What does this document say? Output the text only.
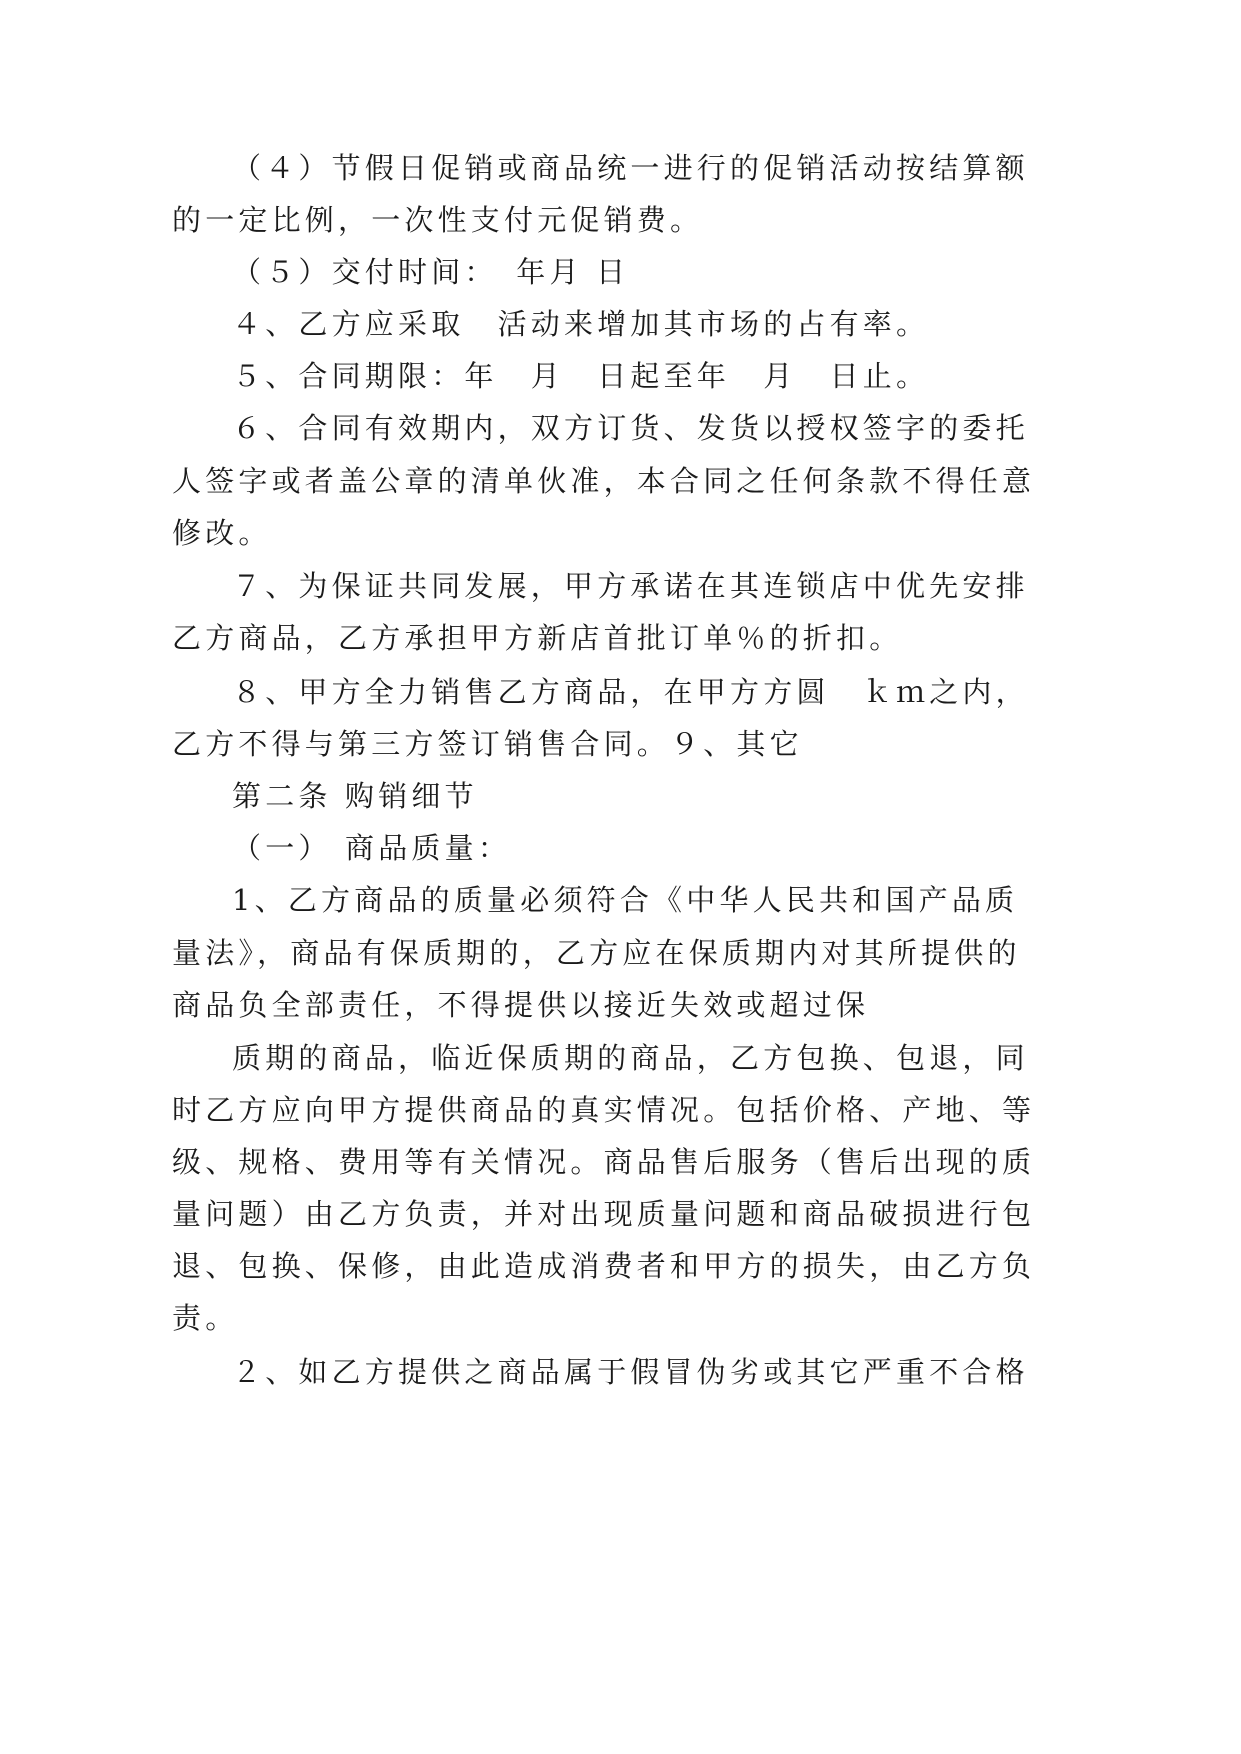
（４）节假日促销或商品统一进行的促销活动按结算额
的一定比例，一次性支付元促销费。
（５）交付时间：　年月 日
４、乙方应采取　活动来增加其市场的占有率。
５、合同期限：年　月　日起至年　月　日止。
６、合同有效期内，双方订货、发货以授权签字的委托
人签字或者盖公章的清单伙准，本合同之任何条款不得任意
修改。
７、为保证共同发展，甲方承诺在其连锁店中优先安排
乙方商品，乙方承担甲方新店首批订单％的折扣。
８、甲方全力销售乙方商品，在甲方方圆　ｋｍ之内，
乙方不得与第三方签订销售合同。９、其它
第二条 购销细节
（一） 商品质量：
1、乙方商品的质量必须符合《中华人民共和国产品质
量法》，商品有保质期的，乙方应在保质期内对其所提供的
商品负全部责任，不得提供以接近失效或超过保
质期的商品，临近保质期的商品，乙方包换、包退，同
时乙方应向甲方提供商品的真实情况。包括价格、产地、等
级、规格、费用等有关情况。商品售后服务（售后出现的质
量问题）由乙方负责，并对出现质量问题和商品破损进行包
退、包换、保修，由此造成消费者和甲方的损失，由乙方负
责。
２、如乙方提供之商品属于假冒伪劣或其它严重不合格
